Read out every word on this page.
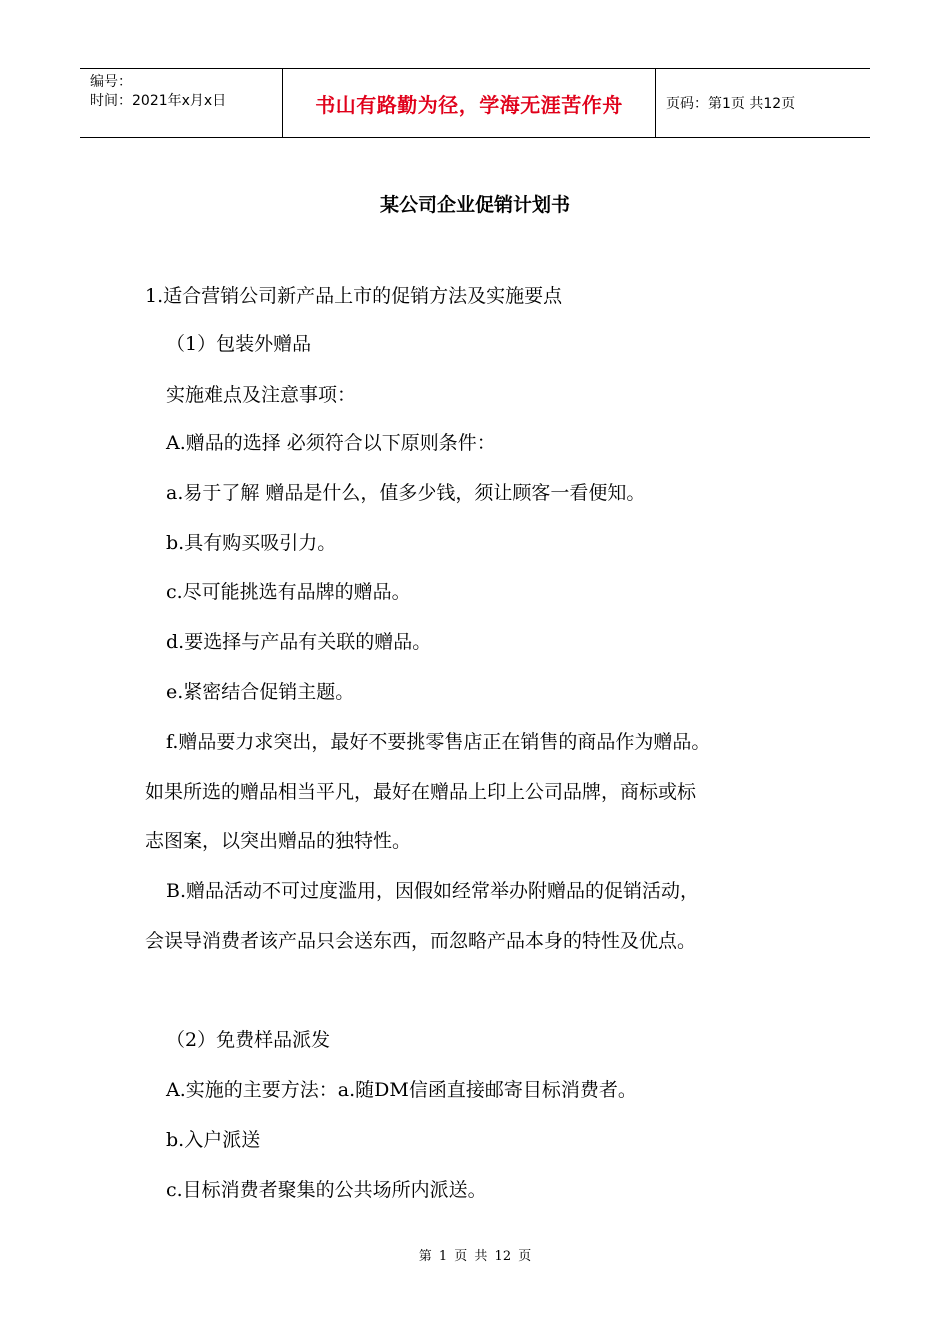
编号：
时间：2021年x月x日	书山有路勤为径，学海无涯苦作舟	页码：第1页 共12页
某公司企业促销计划书
1.适合营销公司新产品上市的促销方法及实施要点
（1）包装外赠品
实施难点及注意事项：
A.赠品的选择 必须符合以下原则条件：
a.易于了解 赠品是什么，值多少钱，须让顾客一看便知。
b.具有购买吸引力。
c.尽可能挑选有品牌的赠品。
d.要选择与产品有关联的赠品。
e.紧密结合促销主题。
f.赠品要力求突出，最好不要挑零售店正在销售的商品作为赠品。
如果所选的赠品相当平凡，最好在赠品上印上公司品牌，商标或标
志图案，以突出赠品的独特性。
B.赠品活动不可过度滥用，因假如经常举办附赠品的促销活动，
会误导消费者该产品只会送东西，而忽略产品本身的特性及优点。
（2）免费样品派发
A.实施的主要方法：a.随DM信函直接邮寄目标消费者。
b.入户派送
c.目标消费者聚集的公共场所内派送。
第 1 页 共 12 页
